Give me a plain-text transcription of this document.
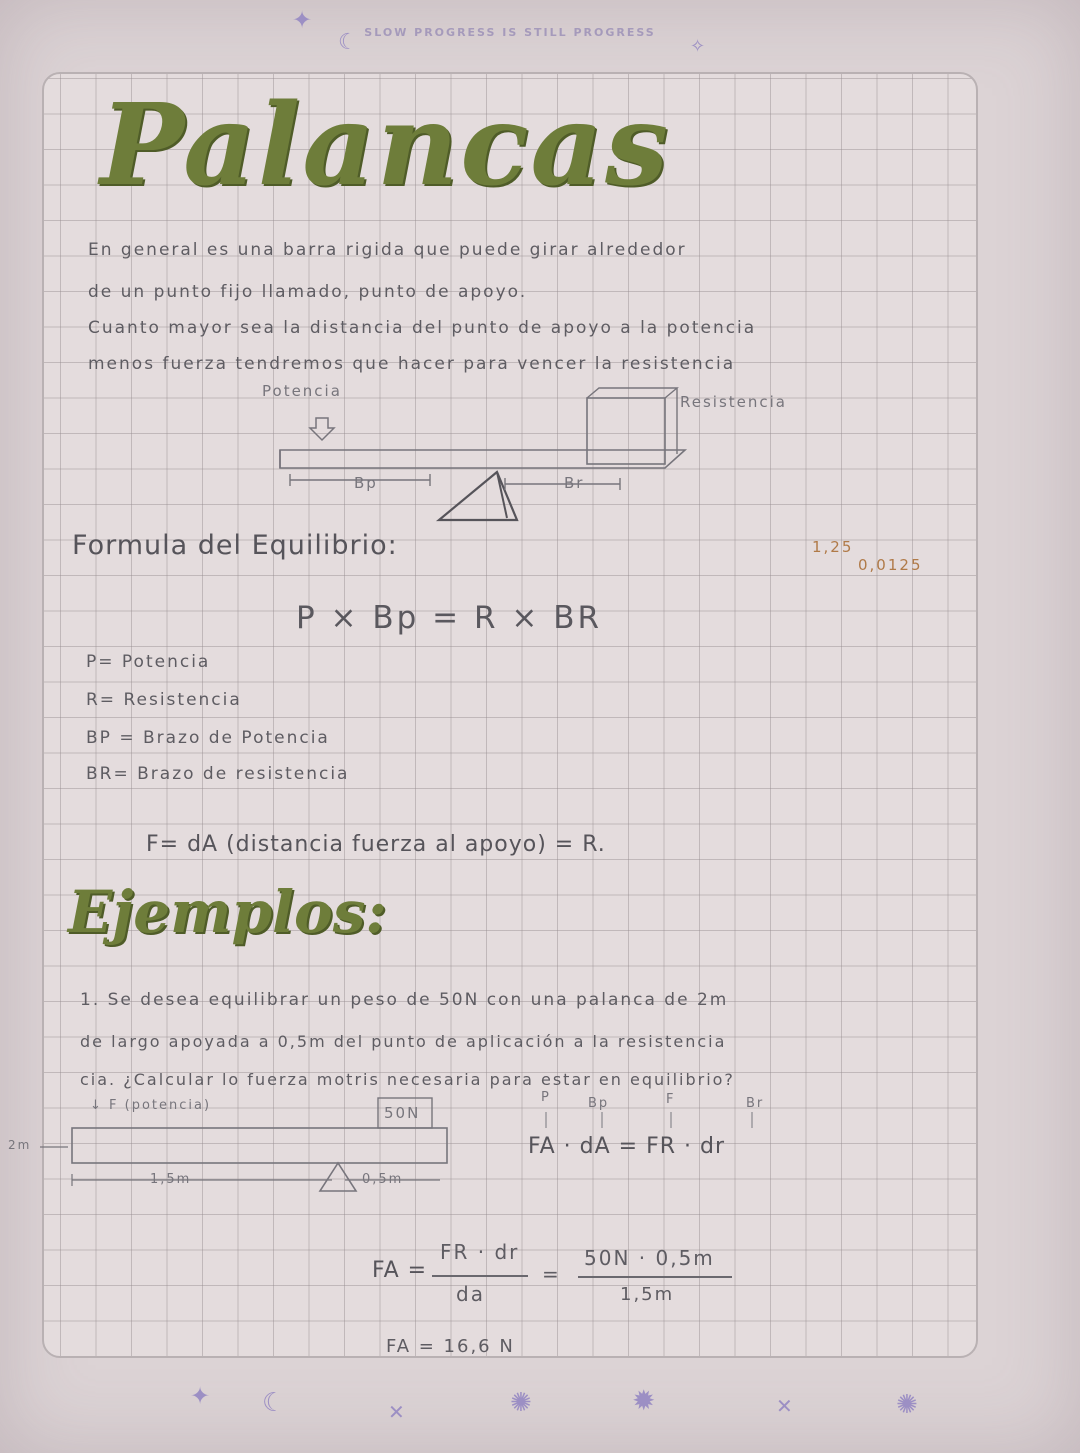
SLOW PROGRESS IS STILL PROGRESS
Palancas
En general es una barra rigida que puede girar alrededor
de un punto fijo llamado, punto de apoyo.
Cuanto mayor sea la distancia del punto de apoyo a la potencia
menos fuerza tendremos que hacer para vencer la resistencia
Potencia
Resistencia
Bp	Br
Formula del Equilibrio:	1,25
0,0125
P × Bp = R × BR
P= Potencia
R= Resistencia
BP = Brazo de Potencia
BR= Brazo de resistencia
F= dA (distancia fuerza al apoyo) = R.
Ejemplos:
1. Se desea equilibrar un peso de 50N con una palanca de 2m
de largo apoyada a 0,5m del punto de aplicación a la resistencia
cia. ¿Calcular lo fuerza motris necesaria para estar en equilibrio?
↓ F (potencia)	50N
2m
1,5m	0,5m
P	Bp	F	Br
FA · dA = FR · dr
FA =
FR · dr
da
=
50N · 0,5m
1,5m
FA = 16,6 N
✦
☾	✧
✦ ☾	✕	✺	✹	✕	✺
